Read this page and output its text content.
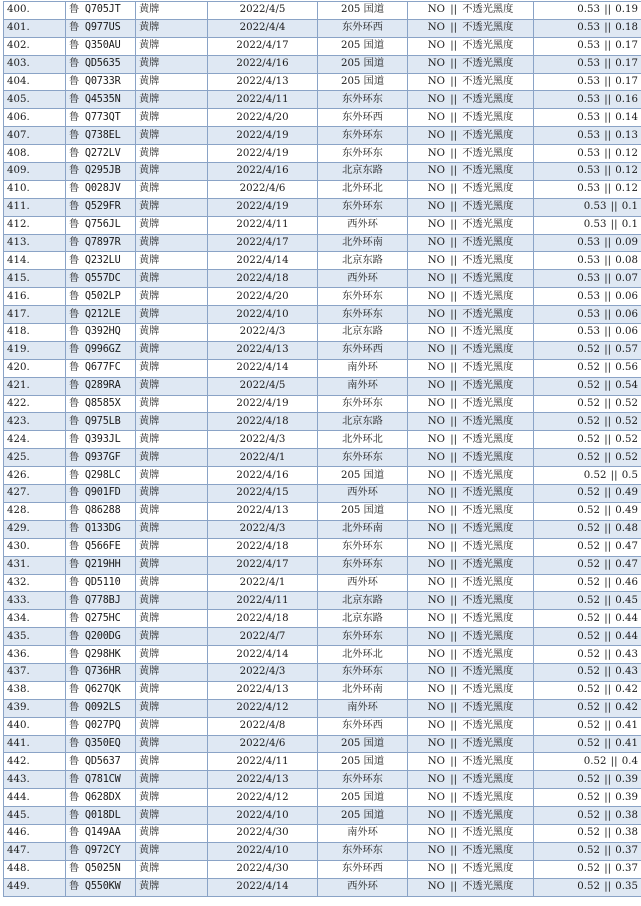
400.	鲁 Q705JT	黄牌	2022/4/5	205 国道	NO || 不透光黑度	0.53 || 0.19
401.	鲁 Q977US	黄牌	2022/4/4	东外环西	NO || 不透光黑度	0.53 || 0.18
402.	鲁 Q350AU	黄牌	2022/4/17	205 国道	NO || 不透光黑度	0.53 || 0.17
403.	鲁 QD5635	黄牌	2022/4/16	205 国道	NO || 不透光黑度	0.53 || 0.17
404.	鲁 Q0733R	黄牌	2022/4/13	205 国道	NO || 不透光黑度	0.53 || 0.17
405.	鲁 Q4535N	黄牌	2022/4/11	东外环东	NO || 不透光黑度	0.53 || 0.16
406.	鲁 Q773QT	黄牌	2022/4/20	东外环西	NO || 不透光黑度	0.53 || 0.14
407.	鲁 Q738EL	黄牌	2022/4/19	东外环东	NO || 不透光黑度	0.53 || 0.13
408.	鲁 Q272LV	黄牌	2022/4/19	东外环东	NO || 不透光黑度	0.53 || 0.12
409.	鲁 Q295JB	黄牌	2022/4/16	北京东路	NO || 不透光黑度	0.53 || 0.12
410.	鲁 Q028JV	黄牌	2022/4/6	北外环北	NO || 不透光黑度	0.53 || 0.12
411.	鲁 Q529FR	黄牌	2022/4/19	东外环东	NO || 不透光黑度	0.53 || 0.1
412.	鲁 Q756JL	黄牌	2022/4/11	西外环	NO || 不透光黑度	0.53 || 0.1
413.	鲁 Q7897R	黄牌	2022/4/17	北外环南	NO || 不透光黑度	0.53 || 0.09
414.	鲁 Q232LU	黄牌	2022/4/14	北京东路	NO || 不透光黑度	0.53 || 0.08
415.	鲁 Q557DC	黄牌	2022/4/18	西外环	NO || 不透光黑度	0.53 || 0.07
416.	鲁 Q502LP	黄牌	2022/4/20	东外环东	NO || 不透光黑度	0.53 || 0.06
417.	鲁 Q212LE	黄牌	2022/4/10	东外环东	NO || 不透光黑度	0.53 || 0.06
418.	鲁 Q392HQ	黄牌	2022/4/3	北京东路	NO || 不透光黑度	0.53 || 0.06
419.	鲁 Q996GZ	黄牌	2022/4/13	东外环西	NO || 不透光黑度	0.52 || 0.57
420.	鲁 Q677FC	黄牌	2022/4/14	南外环	NO || 不透光黑度	0.52 || 0.56
421.	鲁 Q289RA	黄牌	2022/4/5	南外环	NO || 不透光黑度	0.52 || 0.54
422.	鲁 Q8585X	黄牌	2022/4/19	东外环东	NO || 不透光黑度	0.52 || 0.52
423.	鲁 Q975LB	黄牌	2022/4/18	北京东路	NO || 不透光黑度	0.52 || 0.52
424.	鲁 Q393JL	黄牌	2022/4/3	北外环北	NO || 不透光黑度	0.52 || 0.52
425.	鲁 Q937GF	黄牌	2022/4/1	东外环东	NO || 不透光黑度	0.52 || 0.52
426.	鲁 Q298LC	黄牌	2022/4/16	205 国道	NO || 不透光黑度	0.52 || 0.5
427.	鲁 Q901FD	黄牌	2022/4/15	西外环	NO || 不透光黑度	0.52 || 0.49
428.	鲁 Q86288	黄牌	2022/4/13	205 国道	NO || 不透光黑度	0.52 || 0.49
429.	鲁 Q133DG	黄牌	2022/4/3	北外环南	NO || 不透光黑度	0.52 || 0.48
430.	鲁 Q566FE	黄牌	2022/4/18	东外环东	NO || 不透光黑度	0.52 || 0.47
431.	鲁 Q219HH	黄牌	2022/4/17	东外环东	NO || 不透光黑度	0.52 || 0.47
432.	鲁 QD5110	黄牌	2022/4/1	西外环	NO || 不透光黑度	0.52 || 0.46
433.	鲁 Q778BJ	黄牌	2022/4/11	北京东路	NO || 不透光黑度	0.52 || 0.45
434.	鲁 Q275HC	黄牌	2022/4/18	北京东路	NO || 不透光黑度	0.52 || 0.44
435.	鲁 Q200DG	黄牌	2022/4/7	东外环东	NO || 不透光黑度	0.52 || 0.44
436.	鲁 Q298HK	黄牌	2022/4/14	北外环北	NO || 不透光黑度	0.52 || 0.43
437.	鲁 Q736HR	黄牌	2022/4/3	东外环东	NO || 不透光黑度	0.52 || 0.43
438.	鲁 Q627QK	黄牌	2022/4/13	北外环南	NO || 不透光黑度	0.52 || 0.42
439.	鲁 Q092LS	黄牌	2022/4/12	南外环	NO || 不透光黑度	0.52 || 0.42
440.	鲁 Q027PQ	黄牌	2022/4/8	东外环西	NO || 不透光黑度	0.52 || 0.41
441.	鲁 Q350EQ	黄牌	2022/4/6	205 国道	NO || 不透光黑度	0.52 || 0.41
442.	鲁 QD5637	黄牌	2022/4/11	205 国道	NO || 不透光黑度	0.52 || 0.4
443.	鲁 Q781CW	黄牌	2022/4/13	东外环东	NO || 不透光黑度	0.52 || 0.39
444.	鲁 Q628DX	黄牌	2022/4/12	205 国道	NO || 不透光黑度	0.52 || 0.39
445.	鲁 Q018DL	黄牌	2022/4/10	205 国道	NO || 不透光黑度	0.52 || 0.38
446.	鲁 Q149AA	黄牌	2022/4/30	南外环	NO || 不透光黑度	0.52 || 0.38
447.	鲁 Q972CY	黄牌	2022/4/10	东外环东	NO || 不透光黑度	0.52 || 0.37
448.	鲁 Q5025N	黄牌	2022/4/30	东外环西	NO || 不透光黑度	0.52 || 0.37
449.	鲁 Q550KW	黄牌	2022/4/14	西外环	NO || 不透光黑度	0.52 || 0.35
